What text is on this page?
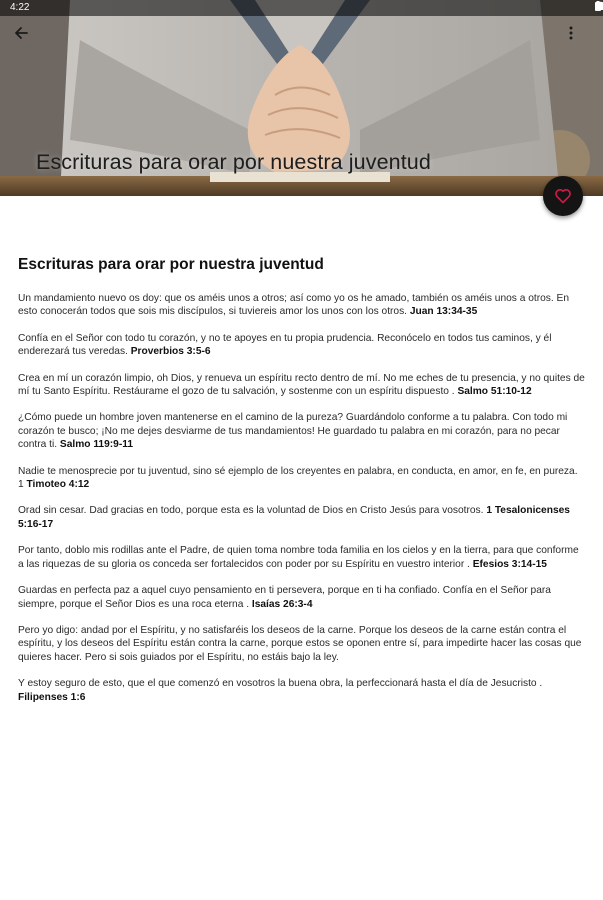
4:22
Escrituras para orar por nuestra juventud
Escrituras para orar por nuestra juventud

Un mandamiento nuevo os doy: que os améis unos a otros; así como yo os he amado, también os améis unos a otros. En esto conocerán todos que sois mis discípulos, si tuviereis amor los unos con los otros. Juan 13:34-35

Confía en el Señor con todo tu corazón, y no te apoyes en tu propia prudencia. Reconócelo en todos tus caminos, y él enderezará tus veredas. Proverbios 3:5-6

Crea en mí un corazón limpio, oh Dios, y renueva un espíritu recto dentro de mí. No me eches de tu presencia, y no quites de mí tu Santo Espíritu. Restáurame el gozo de tu salvación, y sostenme con un espíritu dispuesto . Salmo 51:10-12

¿Cómo puede un hombre joven mantenerse en el camino de la pureza? Guardándolo conforme a tu palabra. Con todo mi corazón te busco; ¡No me dejes desviarme de tus mandamientos! He guardado tu palabra en mi corazón, para no pecar contra ti. Salmo 119:9-11

Nadie te menosprecie por tu juventud, sino sé ejemplo de los creyentes en palabra, en conducta, en amor, en fe, en pureza. 1 Timoteo 4:12

Orad sin cesar. Dad gracias en todo, porque esta es la voluntad de Dios en Cristo Jesús para vosotros. 1 Tesalonicenses 5:16-17

Por tanto, doblo mis rodillas ante el Padre, de quien toma nombre toda familia en los cielos y en la tierra, para que conforme a las riquezas de su gloria os conceda ser fortalecidos con poder por su Espíritu en vuestro interior . Efesios 3:14-15

Guardas en perfecta paz a aquel cuyo pensamiento en ti persevera, porque en ti ha confiado. Confía en el Señor para siempre, porque el Señor Dios es una roca eterna . Isaías 26:3-4

Pero yo digo: andad por el Espíritu, y no satisfaréis los deseos de la carne. Porque los deseos de la carne están contra el espíritu, y los deseos del Espíritu están contra la carne, porque estos se oponen entre sí, para impedirte hacer las cosas que quieres hacer. Pero si sois guiados por el Espíritu, no estáis bajo la ley.

Y estoy seguro de esto, que el que comenzó en vosotros la buena obra, la perfeccionará hasta el día de Jesucristo . Filipenses 1:6
